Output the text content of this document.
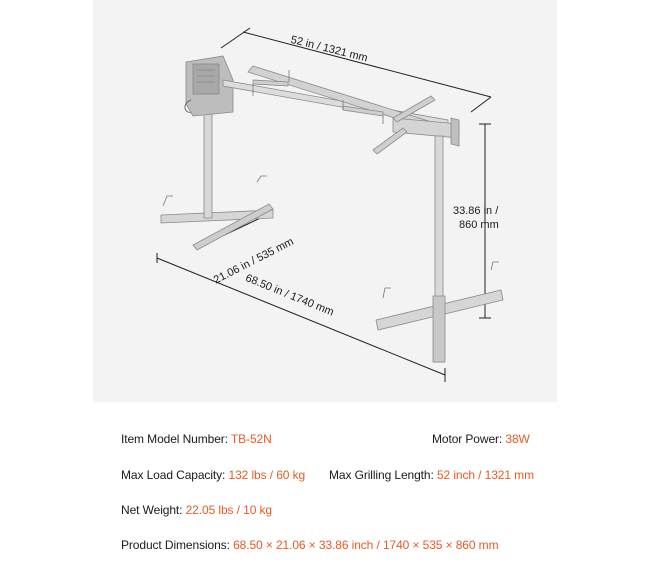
52 in / 1321 mm
33.86 in /
860 mm
21.06 in / 535 mm
68.50 in / 1740 mm
Item Model Number: TB-52N	Motor Power: 38W
Max Load Capacity: 132 lbs / 60 kg Max Grilling Length: 52 inch / 1321 mm
Net Weight: 22.05 lbs / 10 kg
Product Dimensions: 68.50 × 21.06 × 33.86 inch / 1740 × 535 × 860 mm
